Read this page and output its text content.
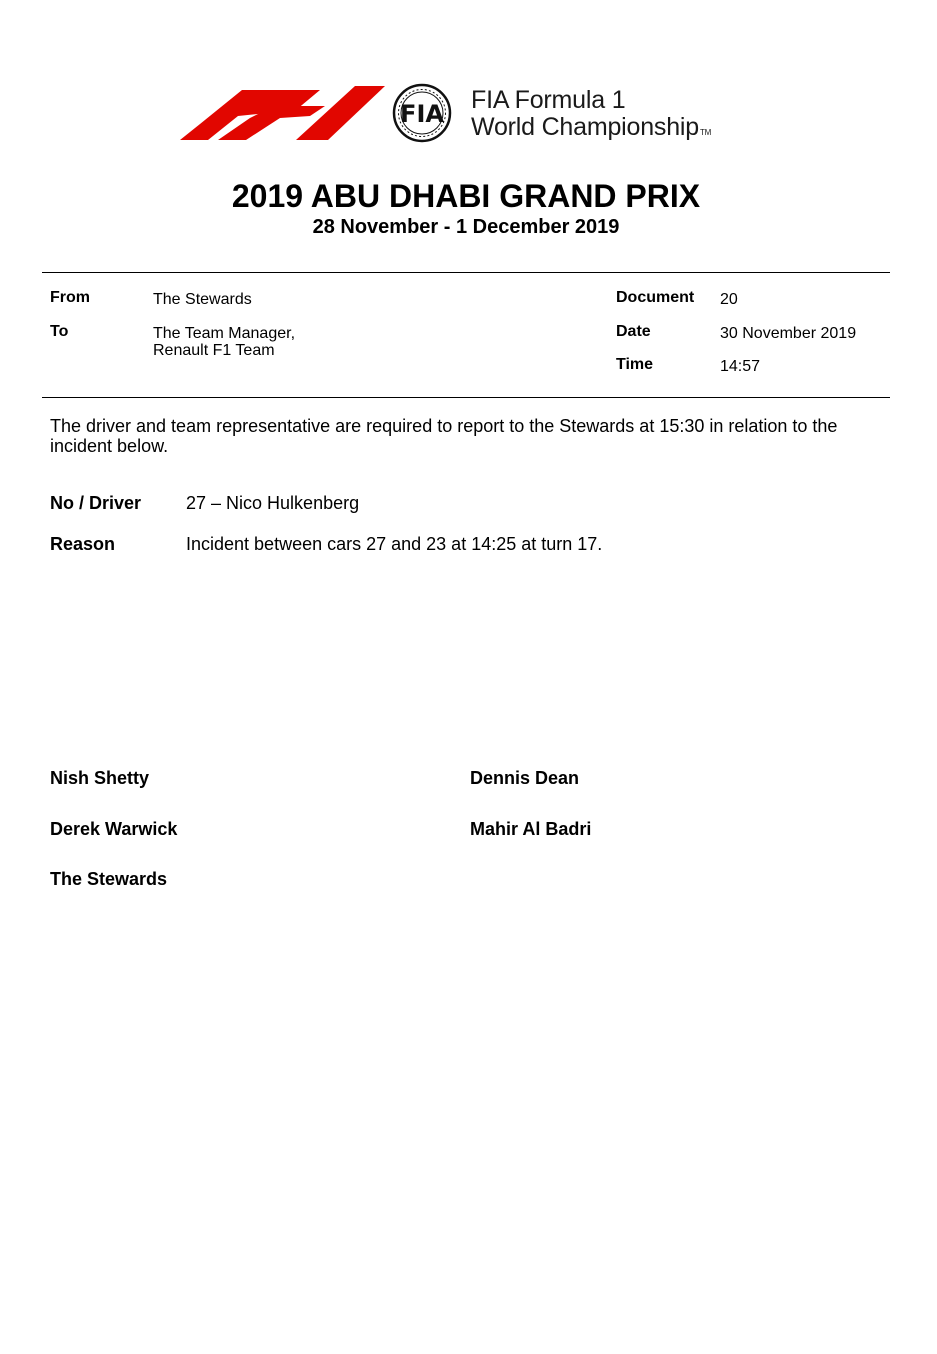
FIA FIA Formula 1
World ChampionshipTM
2019 ABU DHABI GRAND PRIX
28 November - 1 December 2019
From	The Stewards
To	The Team Manager,
Renault F1 Team
Document 20
Date	30 November 2019
Time	14:57
The driver and team representative are required to report to the Stewards at 15:30 in relation to the incident below.
No / Driver 27 – Nico Hulkenberg
Reason	Incident between cars 27 and 23 at 14:25 at turn 17.
Nish Shetty	Dennis Dean
Derek Warwick	Mahir Al Badri
The Stewards
